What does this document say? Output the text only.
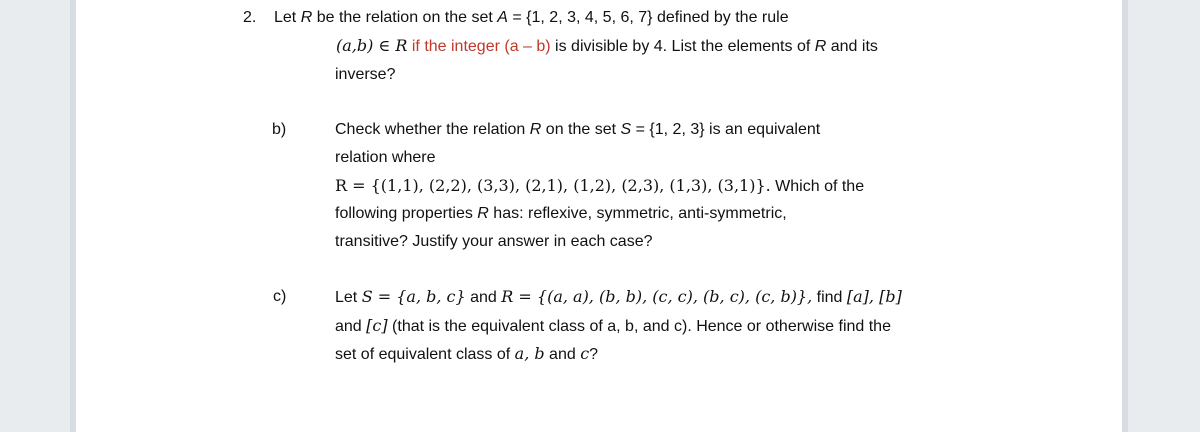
2. Let R be the relation on the set A = {1, 2, 3, 4, 5, 6, 7} defined by the rule
(a,b) ∈ R if the integer (a – b) is divisible by 4. List the elements of R and its
inverse?
b)	Check whether the relation R on the set S = {1, 2, 3} is an equivalent
relation where
R = {(1,1), (2,2), (3,3), (2,1), (1,2), (2,3), (1,3), (3,1)}. Which of the
following properties R has: reflexive, symmetric, anti-symmetric,
transitive? Justify your answer in each case?
c)	Let S = {a, b, c} and R = {(a, a), (b, b), (c, c), (b, c), (c, b)}, find [a], [b]
and [c] (that is the equivalent class of a, b, and c). Hence or otherwise find the
set of equivalent class of a, b and c?
